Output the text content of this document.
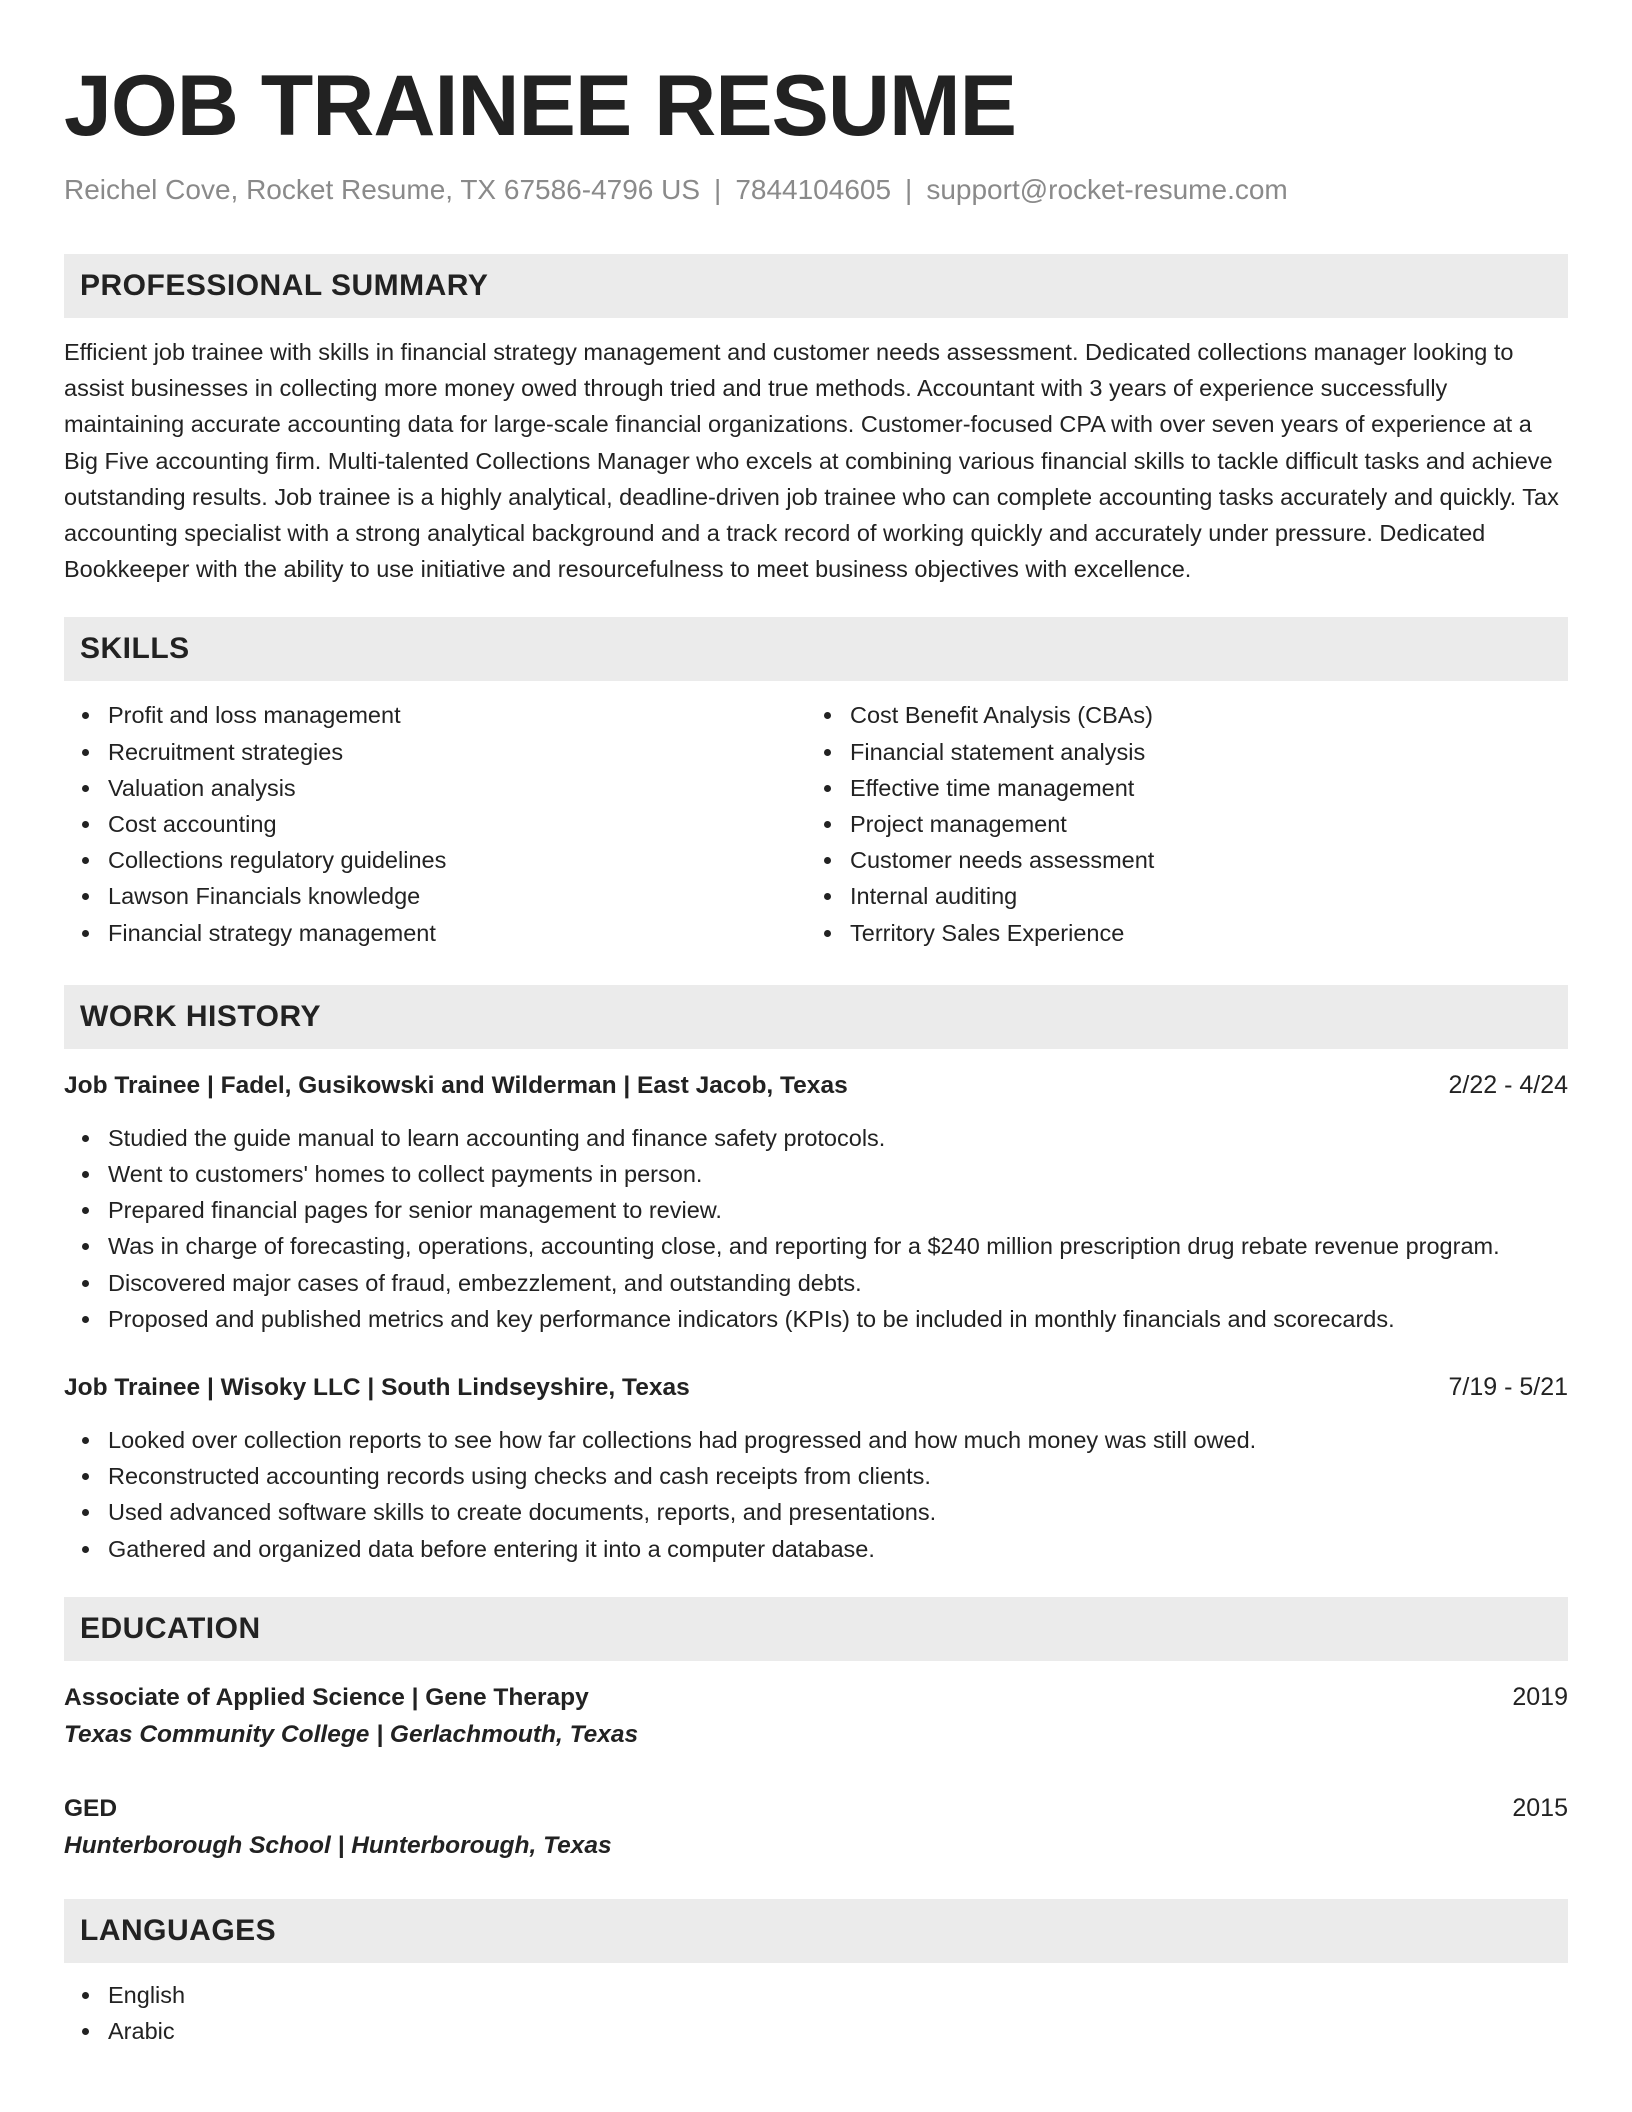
JOB TRAINEE RESUME
Reichel Cove, Rocket Resume, TX 67586-4796 US | 7844104605 | support@rocket-resume.com
PROFESSIONAL SUMMARY

Efficient job trainee with skills in financial strategy management and customer needs assessment. Dedicated collections manager looking to assist businesses in collecting more money owed through tried and true methods. Accountant with 3 years of experience successfully maintaining accurate accounting data for large-scale financial organizations. Customer-focused CPA with over seven years of experience at a Big Five accounting firm. Multi-talented Collections Manager who excels at combining various financial skills to tackle difficult tasks and achieve outstanding results. Job trainee is a highly analytical, deadline-driven job trainee who can complete accounting tasks accurately and quickly. Tax accounting specialist with a strong analytical background and a track record of working quickly and accurately under pressure. Dedicated Bookkeeper with the ability to use initiative and resourcefulness to meet business objectives with excellence.

SKILLS
Profit and loss management
Recruitment strategies
Valuation analysis
Cost accounting
Collections regulatory guidelines
Lawson Financials knowledge
Financial strategy management
Cost Benefit Analysis (CBAs)
Financial statement analysis
Effective time management
Project management
Customer needs assessment
Internal auditing
Territory Sales Experience
WORK HISTORY
Job Trainee | Fadel, Gusikowski and Wilderman | East Jacob, Texas	2/22 - 4/24
Studied the guide manual to learn accounting and finance safety protocols.
Went to customers' homes to collect payments in person.
Prepared financial pages for senior management to review.
Was in charge of forecasting, operations, accounting close, and reporting for a $240 million prescription drug rebate revenue program.
Discovered major cases of fraud, embezzlement, and outstanding debts.
Proposed and published metrics and key performance indicators (KPIs) to be included in monthly financials and scorecards.
Job Trainee | Wisoky LLC | South Lindseyshire, Texas	7/19 - 5/21
Looked over collection reports to see how far collections had progressed and how much money was still owed.
Reconstructed accounting records using checks and cash receipts from clients.
Used advanced software skills to create documents, reports, and presentations.
Gathered and organized data before entering it into a computer database.
EDUCATION
Associate of Applied Science | Gene Therapy	2019
Texas Community College | Gerlachmouth, Texas
GED	2015
Hunterborough School | Hunterborough, Texas
LANGUAGES
English
Arabic
